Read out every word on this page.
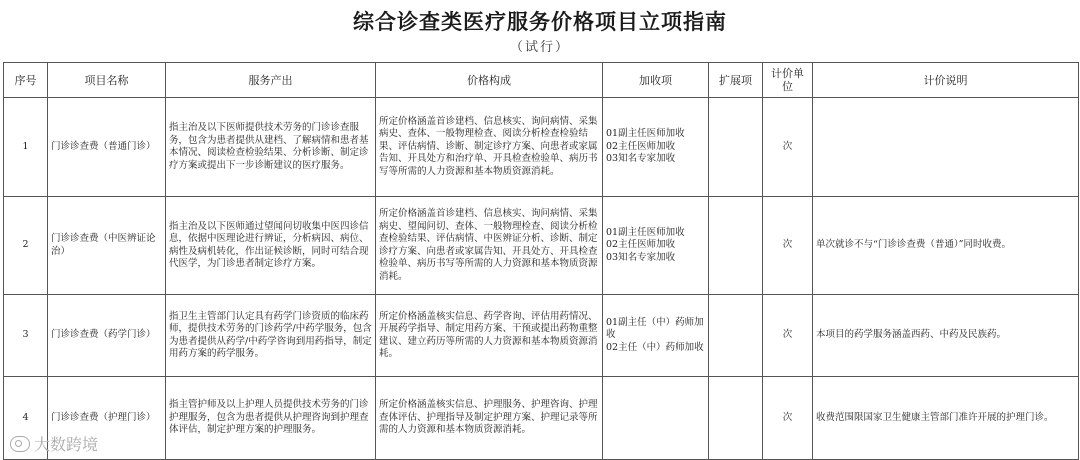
综合诊查类医疗服务价格项目立项指南
（试行）
序号	项目名称	服务产出	价格构成	加收项	扩展项	计价单位	计价说明
1	门诊诊查费（普通门诊）	指主治及以下医师提供技术劳务的门诊诊查服务，包含为患者提供从建档、了解病情和患者基本情况、阅读检查检验结果、分析诊断、制定诊疗方案或提出下一步诊断建议的医疗服务。	所定价格涵盖首诊建档、信息核实、询问病情、采集病史、查体、一般物理检查、阅读分析检查检验结果、评估病情、诊断、制定诊疗方案、向患者或家属告知、开具处方和治疗单、开具检查检验单、病历书写等所需的人力资源和基本物质资源消耗。	01副主任医师加收
02主任医师加收
03知名专家加收		次	
2	门诊诊查费（中医辨证论治）	指主治及以下医师通过望闻问切收集中医四诊信息，依据中医理论进行辨证，分析病因、病位、病性及病机转化，作出证候诊断，同时可结合现代医学，为门诊患者制定诊疗方案。	所定价格涵盖首诊建档、信息核实、询问病情、采集病史、望闻问切、查体、一般物理检查、阅读分析检查检验结果、评估病情、中医辨证分析、诊断、制定诊疗方案、向患者或家属告知、开具处方、开具检查检验单、病历书写等所需的人力资源和基本物质资源消耗。	01副主任医师加收
02主任医师加收
03知名专家加收		次	单次就诊不与“门诊诊查费（普通）”同时收费。
3	门诊诊查费（药学门诊）	指卫生主管部门认定具有药学门诊资质的临床药师，提供技术劳务的门诊药学/中药学服务，包含为患者提供从药学/中药学咨询到用药指导，制定用药方案的药学服务。	所定价格涵盖核实信息、药学咨询、评估用药情况、开展药学指导、制定用药方案、干预或提出药物重整建议、建立药历等所需的人力资源和基本物质资源消耗。	01副主任（中）药师加收
02主任（中）药师加收		次	本项目的药学服务涵盖西药、中药及民族药。
4	门诊诊查费（护理门诊）	指主管护师及以上护理人员提供技术劳务的门诊护理服务，包含为患者提供从护理咨询到护理查体评估，制定护理方案的护理服务。	所定价格涵盖核实信息、护理服务、护理咨询、护理查体评估、护理指导及制定护理方案、护理记录等所需的人力资源和基本物质资源消耗。			次	收费范围限国家卫生健康主管部门准许开展的护理门诊。
大数跨境
